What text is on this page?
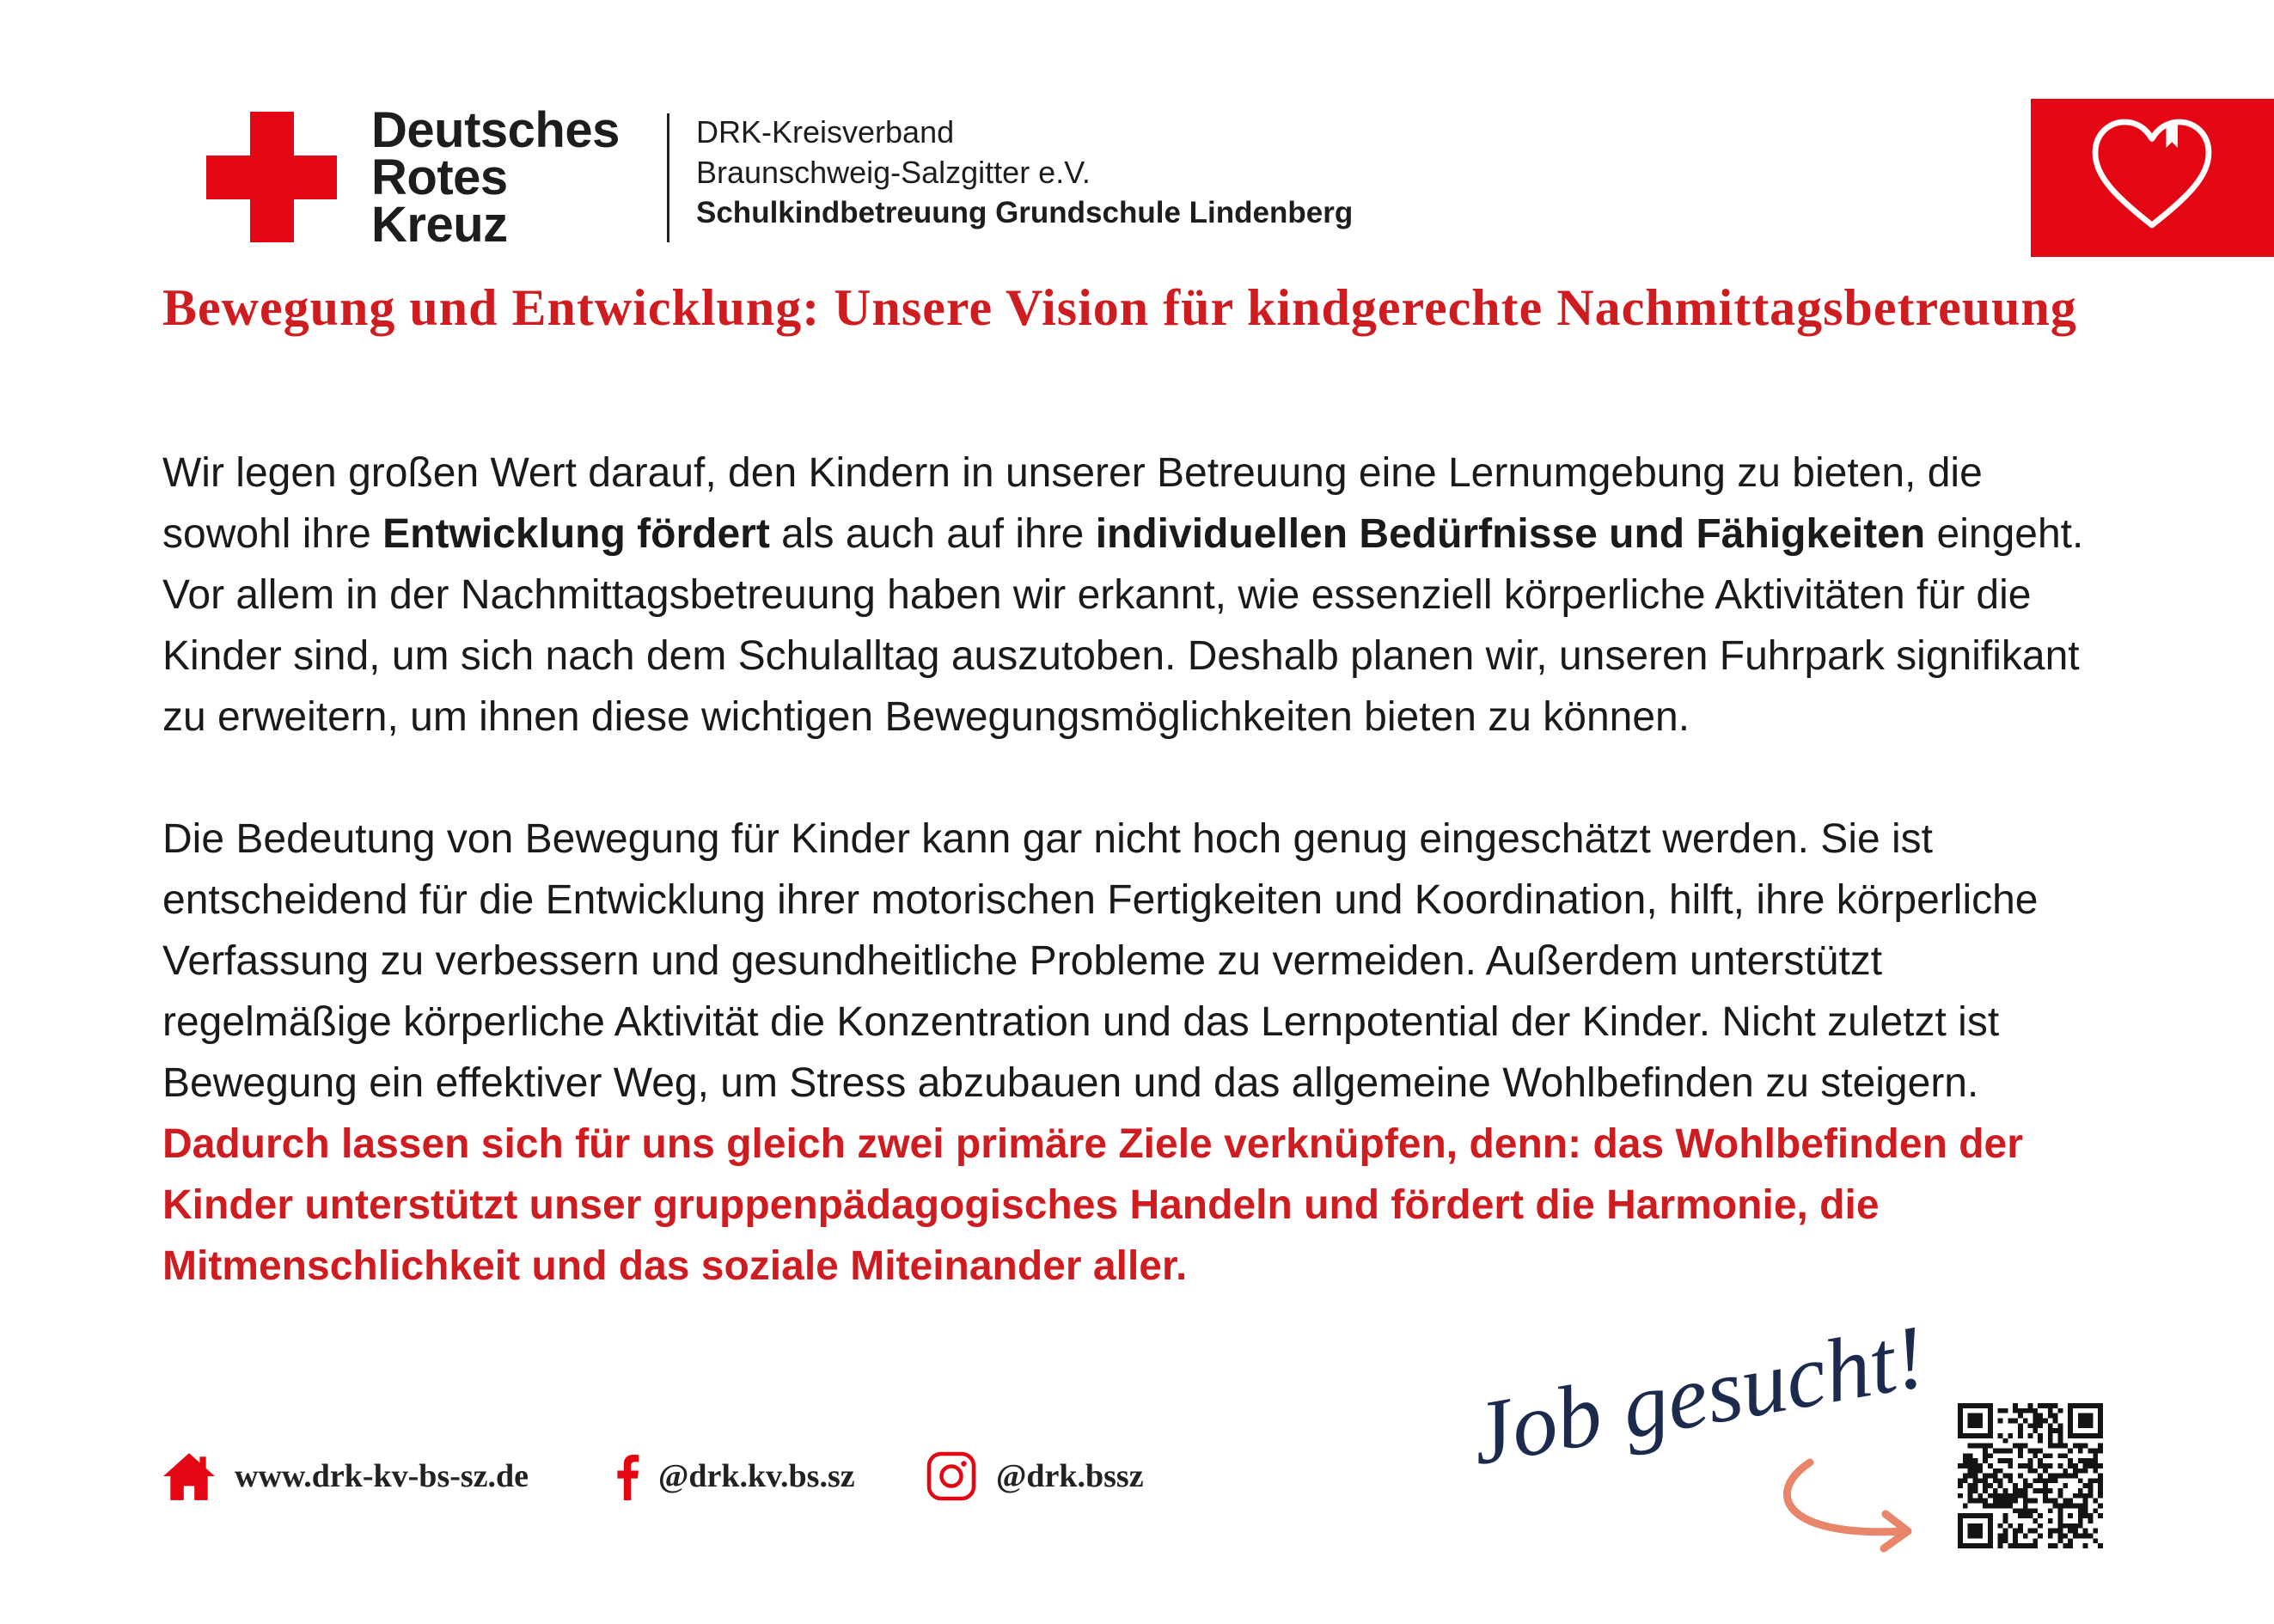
Deutsches
Rotes
Kreuz
DRK-Kreisverband
Braunschweig-Salzgitter e.V.
Schulkindbetreuung Grundschule Lindenberg
Bewegung und Entwicklung: Unsere Vision für kindgerechte Nachmittagsbetreuung
Wir legen großen Wert darauf, den Kindern in unserer Betreuung eine Lernumgebung zu bieten, die
sowohl ihre Entwicklung fördert als auch auf ihre individuellen Bedürfnisse und Fähigkeiten eingeht.
Vor allem in der Nachmittagsbetreuung haben wir erkannt, wie essenziell körperliche Aktivitäten für die
Kinder sind, um sich nach dem Schulalltag auszutoben. Deshalb planen wir, unseren Fuhrpark signifikant
zu erweitern, um ihnen diese wichtigen Bewegungsmöglichkeiten bieten zu können.
Die Bedeutung von Bewegung für Kinder kann gar nicht hoch genug eingeschätzt werden. Sie ist
entscheidend für die Entwicklung ihrer motorischen Fertigkeiten und Koordination, hilft, ihre körperliche
Verfassung zu verbessern und gesundheitliche Probleme zu vermeiden. Außerdem unterstützt
regelmäßige körperliche Aktivität die Konzentration und das Lernpotential der Kinder. Nicht zuletzt ist
Bewegung ein effektiver Weg, um Stress abzubauen und das allgemeine Wohlbefinden zu steigern.
Dadurch lassen sich für uns gleich zwei primäre Ziele verknüpfen, denn: das Wohlbefinden der
Kinder unterstützt unser gruppenpädagogisches Handeln und fördert die Harmonie, die
Mitmenschlichkeit und das soziale Miteinander aller.
www.drk-kv-bs-sz.de	@drk.kv.bs.sz	@drk.bssz	Job gesucht!
